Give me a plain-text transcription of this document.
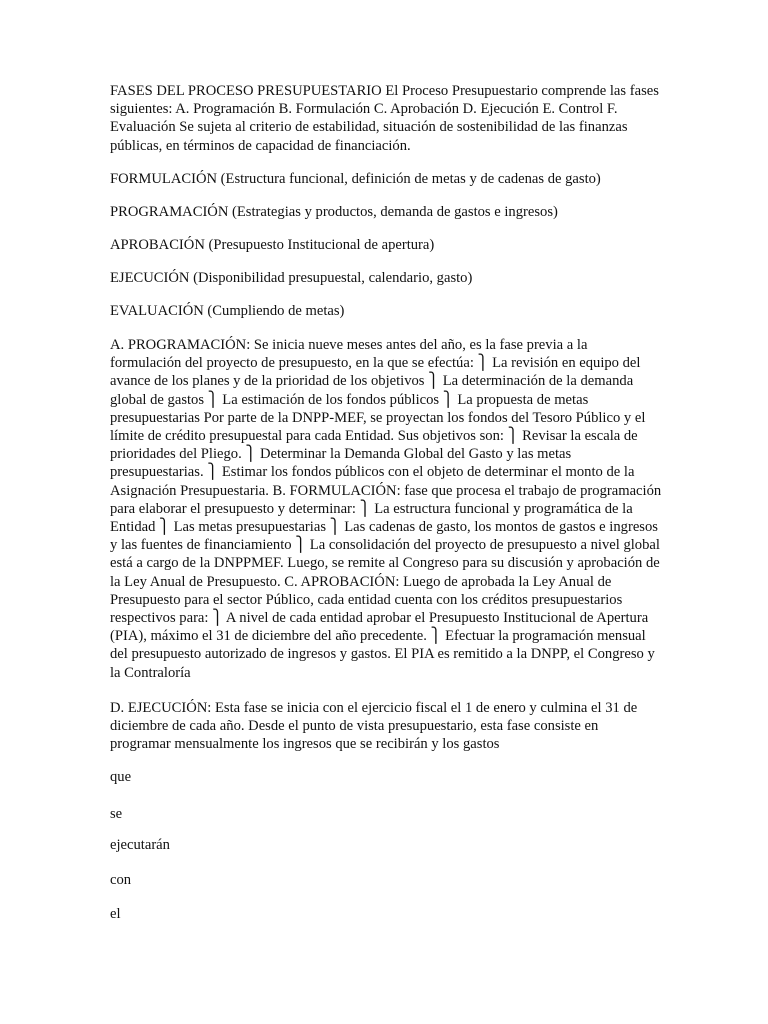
FASES DEL PROCESO PRESUPUESTARIO El Proceso Presupuestario comprende las fases siguientes: A. Programación B. Formulación C. Aprobación D. Ejecución E. Control F. Evaluación Se sujeta al criterio de estabilidad, situación de sostenibilidad de las finanzas públicas, en términos de capacidad de financiación.

FORMULACIÓN (Estructura funcional, definición de metas y de cadenas de gasto)

PROGRAMACIÓN (Estrategias y productos, demanda de gastos e ingresos)

APROBACIÓN (Presupuesto Institucional de apertura)

EJECUCIÓN (Disponibilidad presupuestal, calendario, gasto)

EVALUACIÓN (Cumpliendo de metas)

A. PROGRAMACIÓN: Se inicia nueve meses antes del año, es la fase previa a la formulación del proyecto de presupuesto, en la que se efectúa: ⎫ La revisión en equipo del avance de los planes y de la prioridad de los objetivos ⎫ La determinación de la demanda global de gastos ⎫ La estimación de los fondos públicos ⎫ La propuesta de metas presupuestarias Por parte de la DNPP-MEF, se proyectan los fondos del Tesoro Público y el límite de crédito presupuestal para cada Entidad. Sus objetivos son: ⎫ Revisar la escala de prioridades del Pliego. ⎫ Determinar la Demanda Global del Gasto y las metas presupuestarias. ⎫ Estimar los fondos públicos con el objeto de determinar el monto de la Asignación Presupuestaria. B. FORMULACIÓN: fase que procesa el trabajo de programación para elaborar el presupuesto y determinar: ⎫ La estructura funcional y programática de la Entidad ⎫ Las metas presupuestarias ⎫ Las cadenas de gasto, los montos de gastos e ingresos y las fuentes de financiamiento ⎫ La consolidación del proyecto de presupuesto a nivel global está a cargo de la DNPPMEF. Luego, se remite al Congreso para su discusión y aprobación de la Ley Anual de Presupuesto. C. APROBACIÓN: Luego de aprobada la Ley Anual de Presupuesto para el sector Público, cada entidad cuenta con los créditos presupuestarios respectivos para: ⎫ A nivel de cada entidad aprobar el Presupuesto Institucional de Apertura (PIA), máximo el 31 de diciembre del año precedente. ⎫ Efectuar la programación mensual del presupuesto autorizado de ingresos y gastos. El PIA es remitido a la DNPP, el Congreso y la Contraloría

D. EJECUCIÓN: Esta fase se inicia con el ejercicio fiscal el 1 de enero y culmina el 31 de diciembre de cada año. Desde el punto de vista presupuestario, esta fase consiste en programar mensualmente los ingresos que se recibirán y los gastos

que

se

ejecutarán

con

el
